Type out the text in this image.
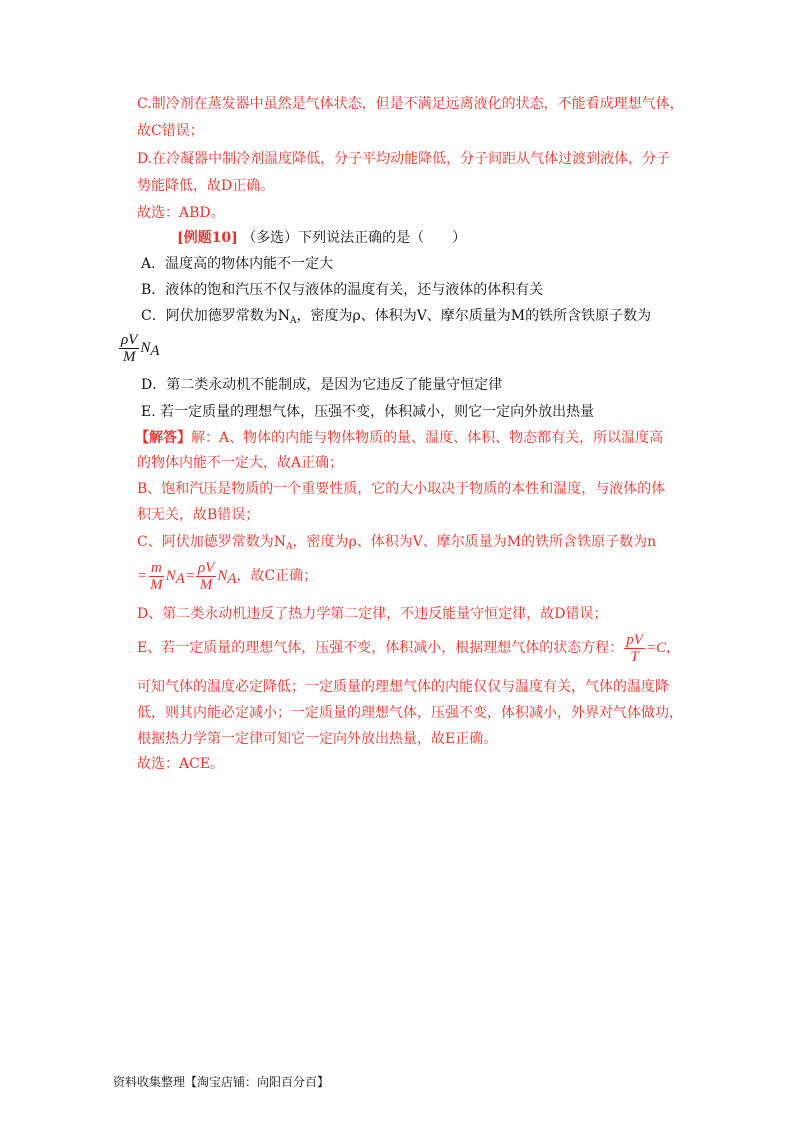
C.制冷剂在蒸发器中虽然是气体状态，但是不满足远离液化的状态，不能看成理想气体，
故C错误；
D.在冷凝器中制冷剂温度降低，分子平均动能降低，分子间距从气体过渡到液体，分子
势能降低，故D正确。
故选：ABD。
[例题10] （多选）下列说法正确的是（　　）
A．温度高的物体内能不一定大
B．液体的饱和汽压不仅与液体的温度有关，还与液体的体积有关
C．阿伏加德罗常数为$N_A$，密度为ρ、体积为V、摩尔质量为M的铁所含铁原子数为
$\frac{\rho V}{M} N_A$
D．第二类永动机不能制成，是因为它违反了能量守恒定律
E. 若一定质量的理想气体，压强不变，体积减小，则它一定向外放出热量
【解答】解：A、物体的内能与物体物质的量、温度、体积、物态都有关，所以温度高
的物体内能不一定大，故A正确；
B、饱和汽压是物质的一个重要性质，它的大小取决于物质的本性和温度，与液体的体
积无关，故B错误；
C、阿伏加德罗常数为$N_A$，密度为ρ、体积为V、摩尔质量为M的铁所含铁原子数为n
= $\frac{m}{M} N_A= \frac{\rho V}{M} N_A$，故C正确；
D、第二类永动机违反了热力学第二定律，不违反能量守恒定律，故D错误；
E、若一定质量的理想气体，压强不变，体积减小，根据理想气体的状态方程： $\frac{pV}{T} =C$，
可知气体的温度必定降低；一定质量的理想气体的内能仅仅与温度有关，气体的温度降
低，则其内能必定减小；一定质量的理想气体，压强不变，体积减小，外界对气体做功，
根据热力学第一定律可知它一定向外放出热量，故E正确。
故选：ACE。
资料收集整理【淘宝店铺：向阳百分百】
